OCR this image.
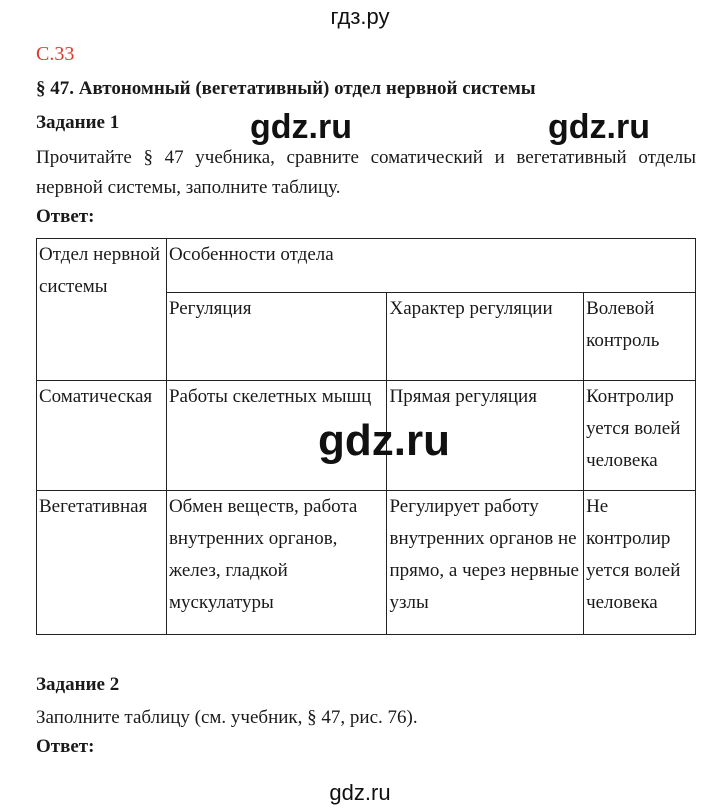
гдз.ру
С.33
§ 47. Автономный (вегетативный) отдел нервной системы
Задание 1	gdz.ru	gdz.ru
Прочитайте § 47 учебника, сравните соматический и вегетативный отделы нервной системы, заполните таблицу.
Ответ:
Отдел нервной системы	Особенности отдела		
	Регуляция	Характер регуляции	Волевой контроль
Соматическая	Работы скелетных мышц	Прямая регуляция	Контролир уется волей человека
Вегетативная	Обмен веществ, работа внутренних органов, желез, гладкой мускулатуры	Регулирует работу внутренних органов не прямо, а через нервные узлы	Не контролир уется волей человека
gdz.ru
Задание 2
Заполните таблицу (см. учебник, § 47, рис. 76).
Ответ:
gdz.ru
